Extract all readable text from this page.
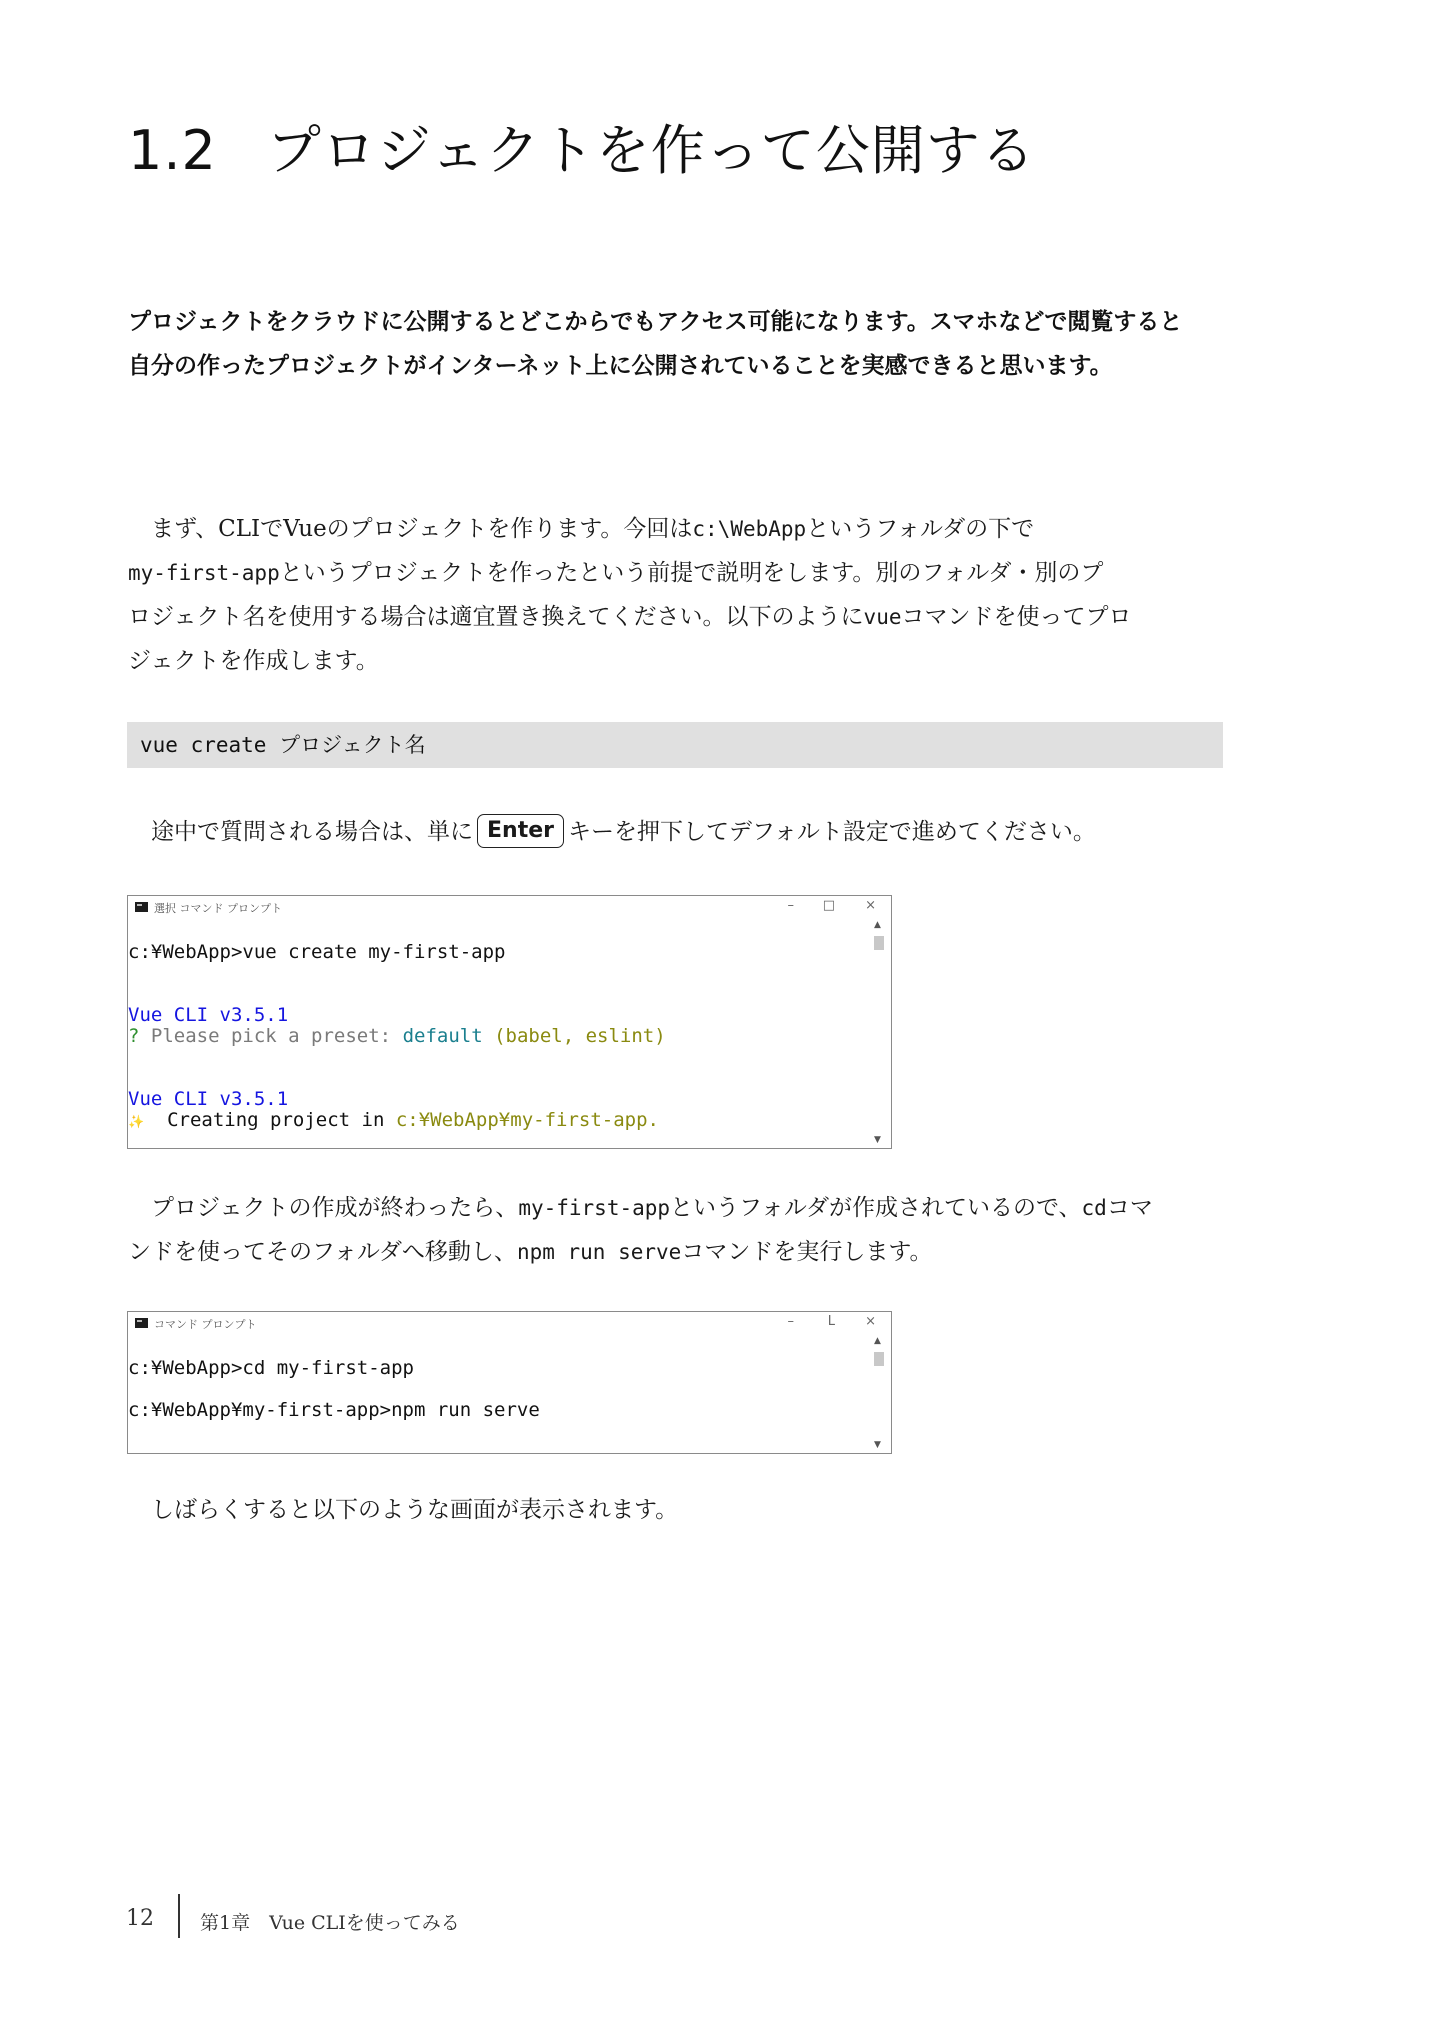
1.2 プロジェクトを作って公開する
プロジェクトをクラウドに公開するとどこからでもアクセス可能になります。スマホなどで閲覧すると
自分の作ったプロジェクトがインターネット上に公開されていることを実感できると思います。
　まず、CLIでVueのプロジェクトを作ります。今回はc:\WebAppというフォルダの下で
my-first-appというプロジェクトを作ったという前提で説明をします。別のフォルダ・別のプ
ロジェクト名を使用する場合は適宜置き換えてください。以下のようにvueコマンドを使ってプロ
ジェクトを作成します。
vue create プロジェクト名
　途中で質問される場合は、単に Enter キーを押下してデフォルト設定で進めてください。
選択 コマンド プロンプト	– □ ×
▲
▼
c:¥WebApp>vue create my-first-app
Vue CLI v3.5.1
? Please pick a preset: default (babel, eslint)
Vue CLI v3.5.1
✨  Creating project in c:¥WebApp¥my-first-app.
　プロジェクトの作成が終わったら、my-first-appというフォルダが作成されているので、cdコマ
ンドを使ってそのフォルダへ移動し、npm run serveコマンドを実行します。
コマンド プロンプト	–	L ×
▲
▼
c:¥WebApp>cd my-first-app
c:¥WebApp¥my-first-app>npm run serve
　しばらくすると以下のような画面が表示されます。
12 第1章　Vue CLIを使ってみる
